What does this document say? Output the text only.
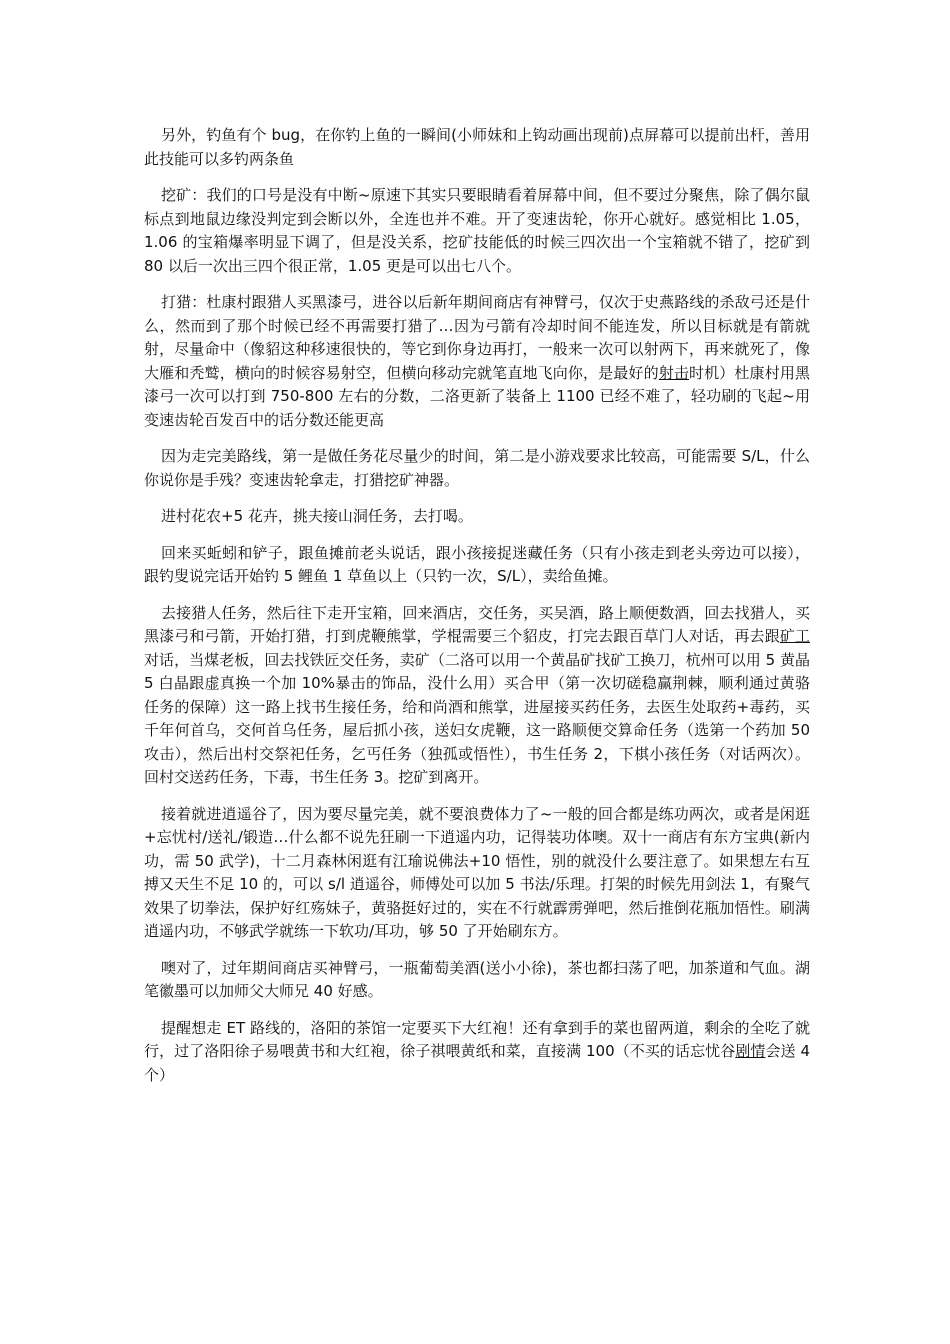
另外，钓鱼有个 bug，在你钓上鱼的一瞬间(小师妹和上钩动画出现前)点屏幕可以提前出杆，善用此技能可以多钓两条鱼

挖矿：我们的口号是没有中断~原速下其实只要眼睛看着屏幕中间，但不要过分聚焦，除了偶尔鼠标点到地鼠边缘没判定到会断以外，全连也并不难。开了变速齿轮，你开心就好。感觉相比 1.05，1.06 的宝箱爆率明显下调了，但是没关系，挖矿技能低的时候三四次出一个宝箱就不错了，挖矿到 80 以后一次出三四个很正常，1.05 更是可以出七八个。

打猎：杜康村跟猎人买黑漆弓，进谷以后新年期间商店有神臂弓，仅次于史燕路线的杀敌弓还是什么，然而到了那个时候已经不再需要打猎了…因为弓箭有冷却时间不能连发，所以目标就是有箭就射，尽量命中（像貂这种移速很快的，等它到你身边再打，一般来一次可以射两下，再来就死了，像大雁和秃鹫，横向的时候容易射空，但横向移动完就笔直地飞向你，是最好的射击时机）杜康村用黑漆弓一次可以打到 750-800 左右的分数，二洛更新了装备上 1100 已经不难了，轻功刷的飞起~用变速齿轮百发百中的话分数还能更高

因为走完美路线，第一是做任务花尽量少的时间，第二是小游戏要求比较高，可能需要 S/L，什么你说你是手残？变速齿轮拿走，打猎挖矿神器。

进村花农+5 花卉，挑夫接山洞任务，去打喝。

回来买蚯蚓和铲子，跟鱼摊前老头说话，跟小孩接捉迷藏任务（只有小孩走到老头旁边可以接），跟钓叟说完话开始钓 5 鲤鱼 1 草鱼以上（只钓一次，S/L），卖给鱼摊。

去接猎人任务，然后往下走开宝箱，回来酒店，交任务，买吴酒，路上顺便数酒，回去找猎人，买黑漆弓和弓箭，开始打猎，打到虎鞭熊掌，学棍需要三个貂皮，打完去跟百草门人对话，再去跟矿工对话，当煤老板，回去找铁匠交任务，卖矿（二洛可以用一个黄晶矿找矿工换刀，杭州可以用 5 黄晶 5 白晶跟虚真换一个加 10%暴击的饰品，没什么用）买合甲（第一次切磋稳赢荆棘，顺利通过黄骆任务的保障）这一路上找书生接任务，给和尚酒和熊掌，进屋接买药任务，去医生处取药+毒药，买千年何首乌，交何首乌任务，屋后抓小孩，送妇女虎鞭，这一路顺便交算命任务（选第一个药加 50 攻击），然后出村交祭祀任务，乞丐任务（独孤或悟性），书生任务 2，下棋小孩任务（对话两次）。回村交送药任务，下毒，书生任务 3。挖矿到离开。

接着就进逍遥谷了，因为要尽量完美，就不要浪费体力了~一般的回合都是练功两次，或者是闲逛+忘忧村/送礼/锻造…什么都不说先狂刷一下逍遥内功，记得装功体噢。双十一商店有东方宝典(新内功，需 50 武学)，十二月森林闲逛有江瑜说佛法+10 悟性，别的就没什么要注意了。如果想左右互搏又天生不足 10 的，可以 s/l 逍遥谷，师傅处可以加 5 书法/乐理。打架的时候先用剑法 1，有聚气效果了切拳法，保护好红殇妹子，黄骆挺好过的，实在不行就霹雳弹吧，然后推倒花瓶加悟性。刷满逍遥内功，不够武学就练一下软功/耳功，够 50 了开始刷东方。

噢对了，过年期间商店买神臂弓，一瓶葡萄美酒(送小小徐)，茶也都扫荡了吧，加茶道和气血。湖笔徽墨可以加师父大师兄 40 好感。

提醒想走 ET 路线的，洛阳的茶馆一定要买下大红袍！还有拿到手的菜也留两道，剩余的全吃了就行，过了洛阳徐子易喂黄书和大红袍，徐子祺喂黄纸和菜，直接满 100（不买的话忘忧谷剧情会送 4 个）
